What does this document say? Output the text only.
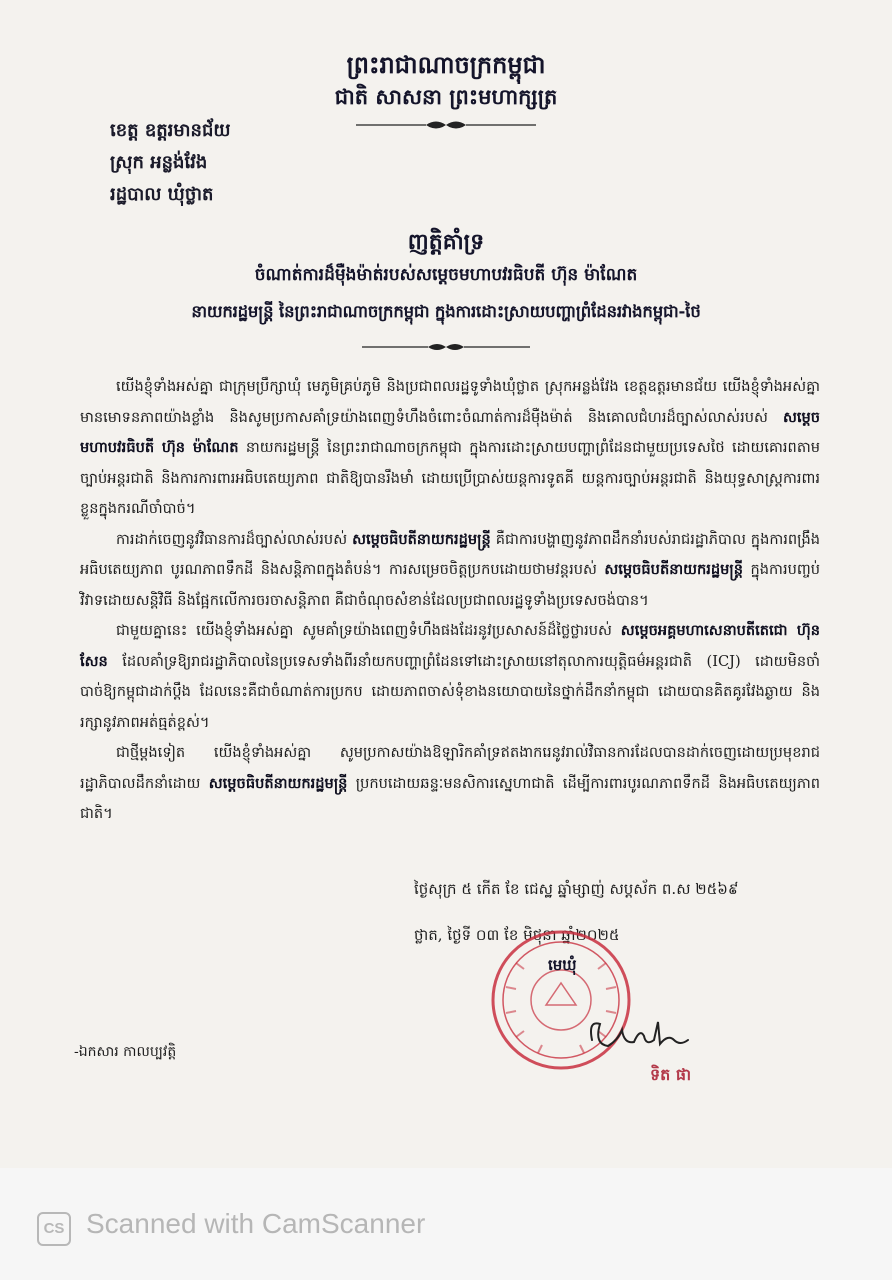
ព្រះរាជាណាចក្រកម្ពុជា
ជាតិ សាសនា ព្រះមហាក្សត្រ
ខេត្ត ឧត្តរមានជ័យ
ស្រុក អន្លង់វែង
រដ្ឋបាល ឃុំថ្លាត
ញត្តិគាំទ្រ
ចំណាត់ការដ៏ម៉ឺងម៉ាត់របស់សម្តេចមហាបវរធិបតី ហ៊ុន ម៉ាណែត
នាយករដ្ឋមន្ត្រី នៃព្រះរាជាណាចក្រកម្ពុជា ក្នុងការដោះស្រាយបញ្ហាព្រំដែនរវាងកម្ពុជា-ថៃ

យើងខ្ញុំទាំងអស់គ្នា ជាក្រុមប្រឹក្សាឃុំ មេភូមិគ្រប់ភូមិ និងប្រជាពលរដ្ឋទូទាំងឃុំថ្លាត ស្រុកអន្លង់វែង ខេត្តឧត្តរមានជ័យ យើងខ្ញុំទាំងអស់គ្នាមានមោទនភាពយ៉ាងខ្លាំង និងសូមប្រកាសគាំទ្រយ៉ាងពេញទំហឹងចំពោះចំណាត់ការដ៏ម៉ឺងម៉ាត់ និងគោលជំហរដ៏ច្បាស់លាស់របស់ សម្តេចមហាបវរធិបតី ហ៊ុន ម៉ាណែត នាយករដ្ឋមន្ត្រី នៃព្រះរាជាណាចក្រកម្ពុជា ក្នុងការដោះស្រាយបញ្ហាព្រំដែនជាមួយប្រទេសថៃ ដោយគោរពតាមច្បាប់អន្តរជាតិ និងការការពារអធិបតេយ្យភាព ជាតិឱ្យបានរឹងមាំ ដោយប្រើប្រាស់យន្តការទូតគី យន្តការច្បាប់អន្តរជាតិ និងយុទ្ធសាស្ត្រការពារខ្លួនក្នុងករណីចាំបាច់។

ការដាក់ចេញនូវវិធានការដ៏ច្បាស់លាស់របស់ សម្តេចធិបតីនាយករដ្ឋមន្ត្រី គឺជាការបង្ហាញនូវភាពដឹកនាំរបស់រាជរដ្ឋាភិបាល ក្នុងការពង្រឹងអធិបតេយ្យភាព បូរណភាពទឹកដី និងសន្តិភាពក្នុងតំបន់។ ការសម្រេចចិត្តប្រកបដោយថាមវន្តរបស់ សម្តេចធិបតីនាយករដ្ឋមន្ត្រី ក្នុងការបញ្ចប់វិវាទដោយសន្តិវិធី និងផ្អែកលើការចរចាសន្តិភាព គឺជាចំណុចសំខាន់ដែលប្រជាពលរដ្ឋទូទាំងប្រទេសចង់បាន។

ជាមួយគ្នានេះ យើងខ្ញុំទាំងអស់គ្នា សូមគាំទ្រយ៉ាងពេញទំហឹងផងដែរនូវប្រសាសន៍ដ៏ថ្លៃថ្លារបស់ សម្តេចអគ្គមហាសេនាបតីតេជោ ហ៊ុន សែន ដែលគាំទ្រឱ្យរាជរដ្ឋាភិបាលនៃប្រទេសទាំងពីរនាំយកបញ្ហាព្រំដែនទៅដោះស្រាយនៅតុលាការយុត្តិធម៌អន្តរជាតិ (ICJ) ដោយមិនចាំបាច់ឱ្យកម្ពុជាដាក់ប្តឹង ដែលនេះគឺជាចំណាត់ការប្រកប ដោយភាពចាស់ទុំខាងនយោបាយនៃថ្នាក់ដឹកនាំកម្ពុជា ដោយបានគិតគូរវែងឆ្ងាយ និងរក្សានូវភាពអត់ធ្មត់ខ្ពស់។

ជាថ្មីម្តងទៀត យើងខ្ញុំទាំងអស់គ្នា សូមប្រកាសយ៉ាងឱឡារិកគាំទ្រឥតងាករេនូវរាល់វិធានការដែលបានដាក់ចេញដោយប្រមុខរាជរដ្ឋាភិបាលដឹកនាំដោយ សម្តេចធិបតីនាយករដ្ឋមន្ត្រី ប្រកបដោយឆន្ទៈមនសិការស្នេហាជាតិ ដើម្បីការពារបូរណភាពទឹកដី និងអធិបតេយ្យភាពជាតិ។

ថ្ងៃសុក្រ ៥ កើត ខែ ជេស្ឋ ឆ្នាំម្សាញ់ សប្តស័ក ព.ស ២៥៦៩
ថ្លាត, ថ្ងៃទី ០៣ ខែ មិថុនា ឆ្នាំ២០២៥
មេឃុំ
ទិត ផា
-ឯកសារ កាលប្បវត្តិ
CS Scanned with CamScanner
